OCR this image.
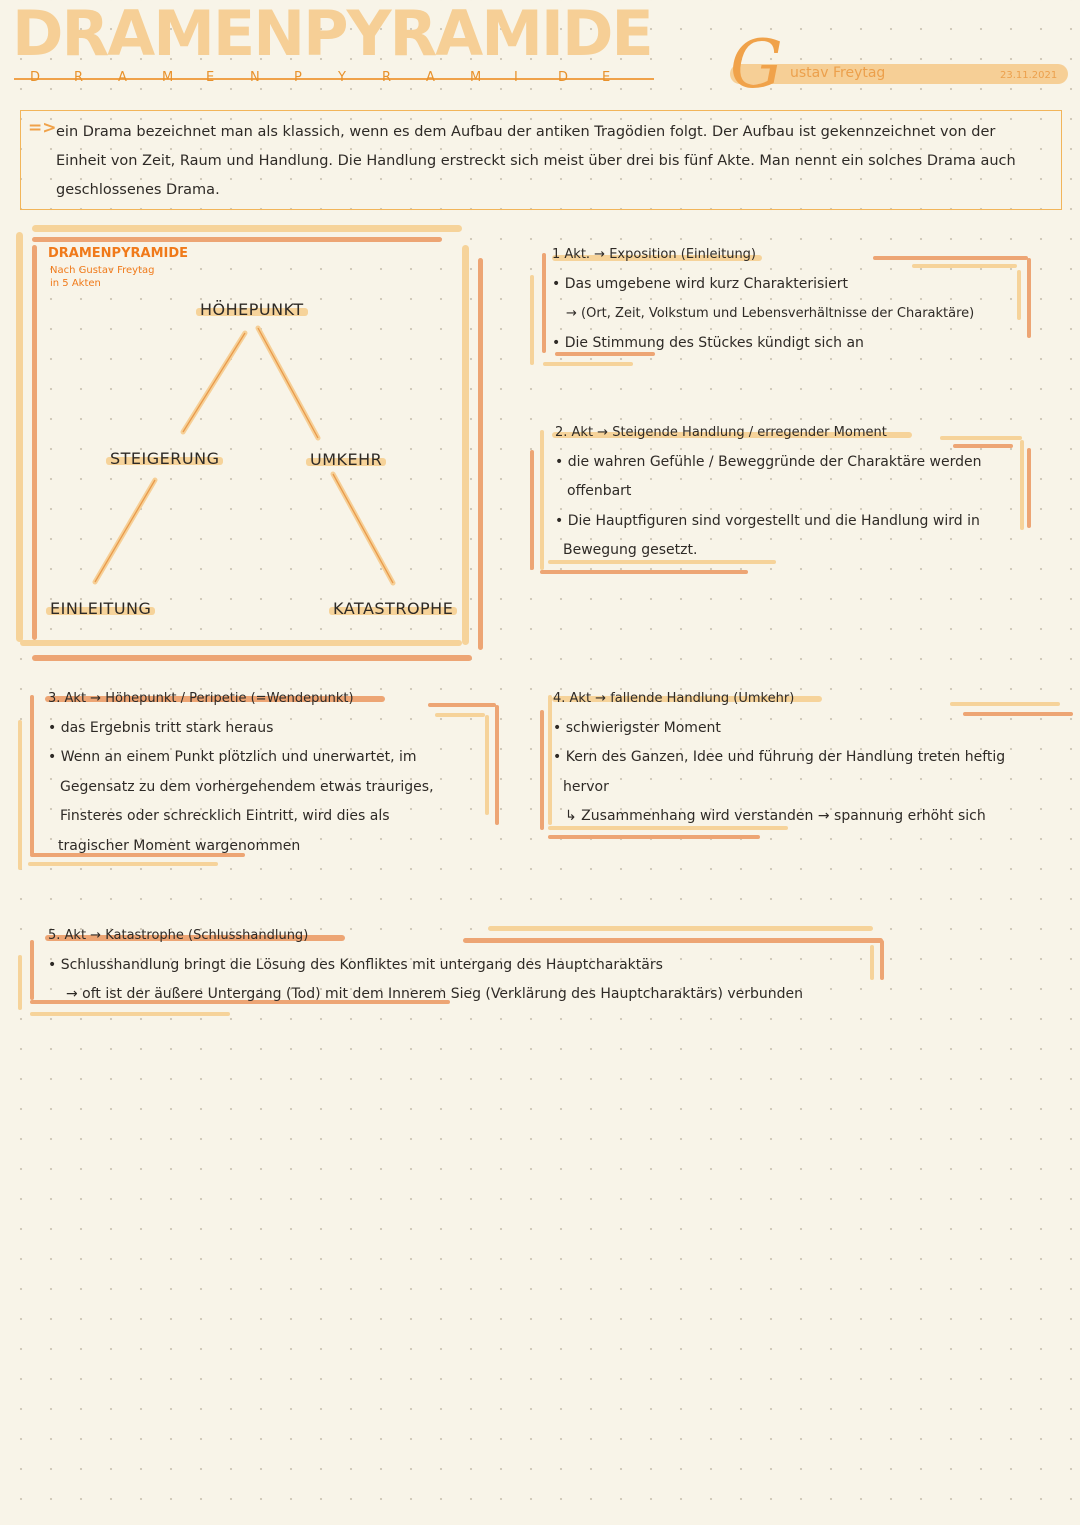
DRAMENPYRAMIDE
D	R	A	M	E	N	P	Y	R	A	M	I	D	E	G ustav Freytag	23.11.2021
=> ein Drama bezeichnet man als klassich, wenn es dem Aufbau der antiken Tragödien folgt. Der Aufbau ist gekennzeichnet von der Einheit von Zeit, Raum und Handlung. Die Handlung erstreckt sich meist über drei bis fünf Akte. Man nennt ein solches Drama auch geschlossenes Drama.
DRAMENPYRAMIDE
Nach Gustav Freytag
in 5 Akten
HÖHEPUNKT
STEIGERUNG	UMKEHR
EINLEITUNG	KATASTROPHE

1 Akt. → Exposition (Einleitung)

• Das umgebene wird kurz Charakterisiert

→ (Ort, Zeit, Volkstum und Lebensverhältnisse der Charaktäre)

• Die Stimmung des Stückes kündigt sich an

2. Akt → Steigende Handlung / erregender Moment

• die wahren Gefühle / Beweggründe der Charaktäre werden

offenbart

• Die Hauptfiguren sind vorgestellt und die Handlung wird in

Bewegung gesetzt.

3. Akt → Höhepunkt / Peripetie (=Wendepunkt)

• das Ergebnis tritt stark heraus

• Wenn an einem Punkt plötzlich und unerwartet, im

Gegensatz zu dem vorhergehendem etwas trauriges,

Finsteres oder schrecklich Eintritt, wird dies als

tragischer Moment wargenommen

4. Akt → fallende Handlung (Umkehr)

• schwierigster Moment

• Kern des Ganzen, Idee und führung der Handlung treten heftig

hervor

↳ Zusammenhang wird verstanden → spannung erhöht sich

5. Akt → Katastrophe (Schlusshandlung)

• Schlusshandlung bringt die Lösung des Konfliktes mit untergang des Hauptcharaktärs

→ oft ist der äußere Untergang (Tod) mit dem Innerem Sieg (Verklärung des Hauptcharaktärs) verbunden
